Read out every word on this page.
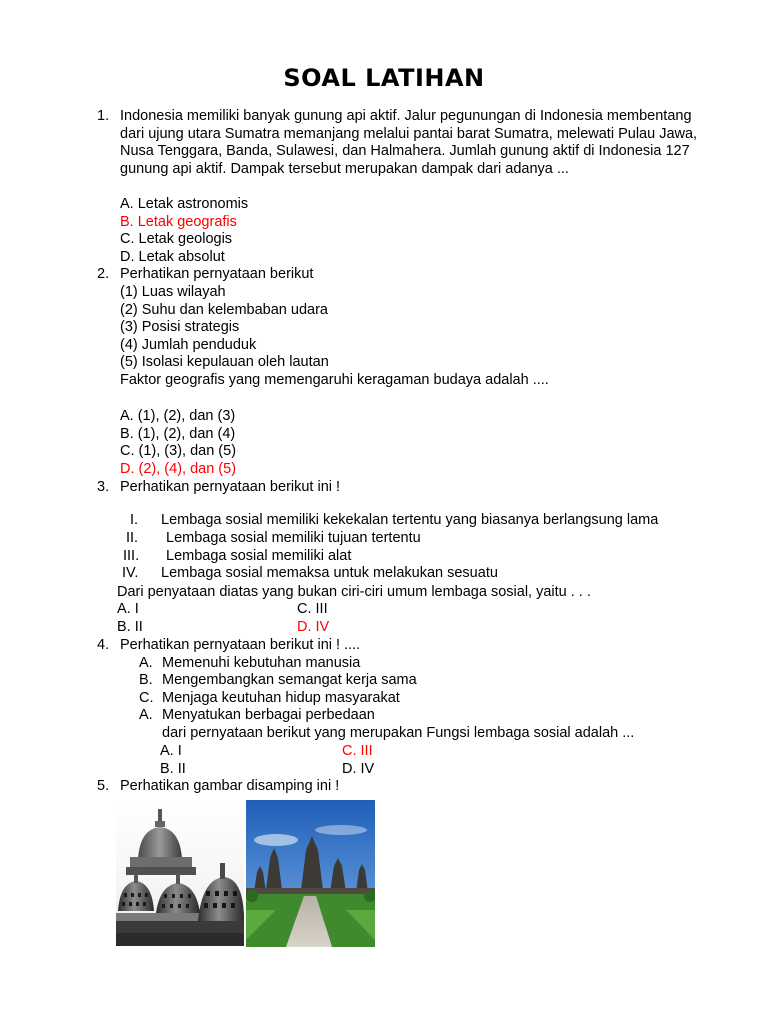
SOAL LATIHAN
1. Indonesia memiliki banyak gunung api aktif. Jalur pegunungan di Indonesia membentang
dari ujung utara Sumatra memanjang melalui pantai barat Sumatra, melewati Pulau Jawa,
Nusa Tenggara, Banda, Sulawesi, dan Halmahera. Jumlah gunung aktif di Indonesia 127
gunung api aktif. Dampak tersebut merupakan dampak dari adanya ...
A. Letak astronomis
B. Letak geografis
C. Letak geologis
D. Letak absolut
2. Perhatikan pernyataan berikut
(1) Luas wilayah
(2) Suhu dan kelembaban udara
(3) Posisi strategis
(4) Jumlah penduduk
(5) Isolasi kepulauan oleh lautan
Faktor geografis yang memengaruhi keragaman budaya adalah ....
A. (1), (2), dan (3)
B. (1), (2), dan (4)
C. (1), (3), dan (5)
D. (2), (4), dan (5)
3. Perhatikan pernyataan berikut ini !
I. Lembaga sosial memiliki kekekalan tertentu yang biasanya berlangsung lama
II. Lembaga sosial memiliki tujuan tertentu
III. Lembaga sosial memiliki alat
IV. Lembaga sosial memaksa untuk melakukan sesuatu
Dari penyataan diatas yang bukan ciri-ciri umum lembaga sosial, yaitu . . .
A. I	C. III
B. II	D. IV
4. Perhatikan pernyataan berikut ini ! ....
A. Memenuhi kebutuhan manusia
B. Mengembangkan semangat kerja sama
C. Menjaga keutuhan hidup masyarakat
A. Menyatukan berbagai perbedaan
dari pernyataan berikut yang merupakan Fungsi lembaga sosial adalah ...
A. I	C. III
B. II	D. IV
5. Perhatikan gambar disamping ini !
